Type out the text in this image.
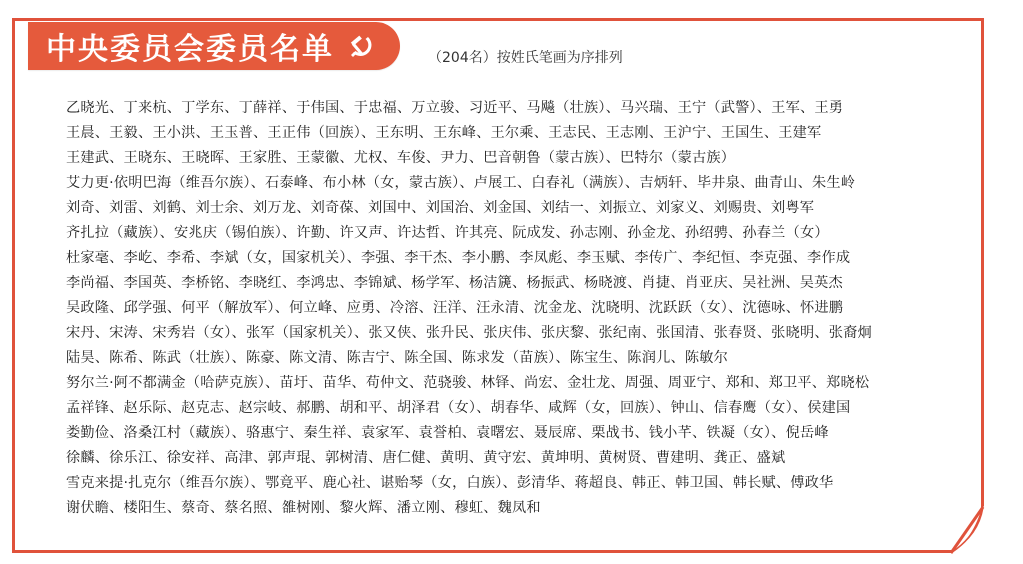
中央委员会委员名单	（204名）按姓氏笔画为序排列
乙晓光、丁来杭、丁学东、丁薛祥、于伟国、于忠福、万立骏、习近平、马飚（壮族）、马兴瑞、王宁（武警）、王军、王勇
王晨、王毅、王小洪、王玉普、王正伟（回族）、王东明、王东峰、王尔乘、王志民、王志刚、王沪宁、王国生、王建军
王建武、王晓东、王晓晖、王家胜、王蒙徽、尤权、车俊、尹力、巴音朝鲁（蒙古族）、巴特尔（蒙古族）
艾力更·依明巴海（维吾尔族）、石泰峰、布小林（女，蒙古族）、卢展工、白春礼（满族）、吉炳轩、毕井泉、曲青山、朱生岭
刘奇、刘雷、刘鹤、刘士余、刘万龙、刘奇葆、刘国中、刘国治、刘金国、刘结一、刘振立、刘家义、刘赐贵、刘粤军
齐扎拉（藏族）、安兆庆（锡伯族）、许勤、许又声、许达哲、许其亮、阮成发、孙志刚、孙金龙、孙绍骋、孙春兰（女）
杜家毫、李屹、李希、李斌（女，国家机关）、李强、李干杰、李小鹏、李凤彪、李玉赋、李传广、李纪恒、李克强、李作成
李尚福、李国英、李桥铭、李晓红、李鸿忠、李锦斌、杨学军、杨洁篪、杨振武、杨晓渡、肖捷、肖亚庆、吴社洲、吴英杰
吴政隆、邱学强、何平（解放军）、何立峰、应勇、冷溶、汪洋、汪永清、沈金龙、沈晓明、沈跃跃（女）、沈德咏、怀进鹏
宋丹、宋涛、宋秀岩（女）、张军（国家机关）、张又侠、张升民、张庆伟、张庆黎、张纪南、张国清、张春贤、张晓明、张裔炯
陆昊、陈希、陈武（壮族）、陈豪、陈文清、陈吉宁、陈全国、陈求发（苗族）、陈宝生、陈润儿、陈敏尔
努尔兰·阿不都满金（哈萨克族）、苗圩、苗华、苟仲文、范骁骏、林铎、尚宏、金壮龙、周强、周亚宁、郑和、郑卫平、郑晓松
孟祥锋、赵乐际、赵克志、赵宗岐、郝鹏、胡和平、胡泽君（女）、胡春华、咸辉（女，回族）、钟山、信春鹰（女）、侯建国
娄勤俭、洛桑江村（藏族）、骆惠宁、秦生祥、袁家军、袁誉柏、袁曙宏、聂辰席、栗战书、钱小芊、铁凝（女）、倪岳峰
徐麟、徐乐江、徐安祥、高津、郭声琨、郭树清、唐仁健、黄明、黄守宏、黄坤明、黄树贤、曹建明、龚正、盛斌
雪克来提·扎克尔（维吾尔族）、鄂竟平、鹿心社、谌贻琴（女，白族）、彭清华、蒋超良、韩正、韩卫国、韩长赋、傅政华
谢伏瞻、楼阳生、蔡奇、蔡名照、雒树刚、黎火辉、潘立刚、穆虹、魏凤和
